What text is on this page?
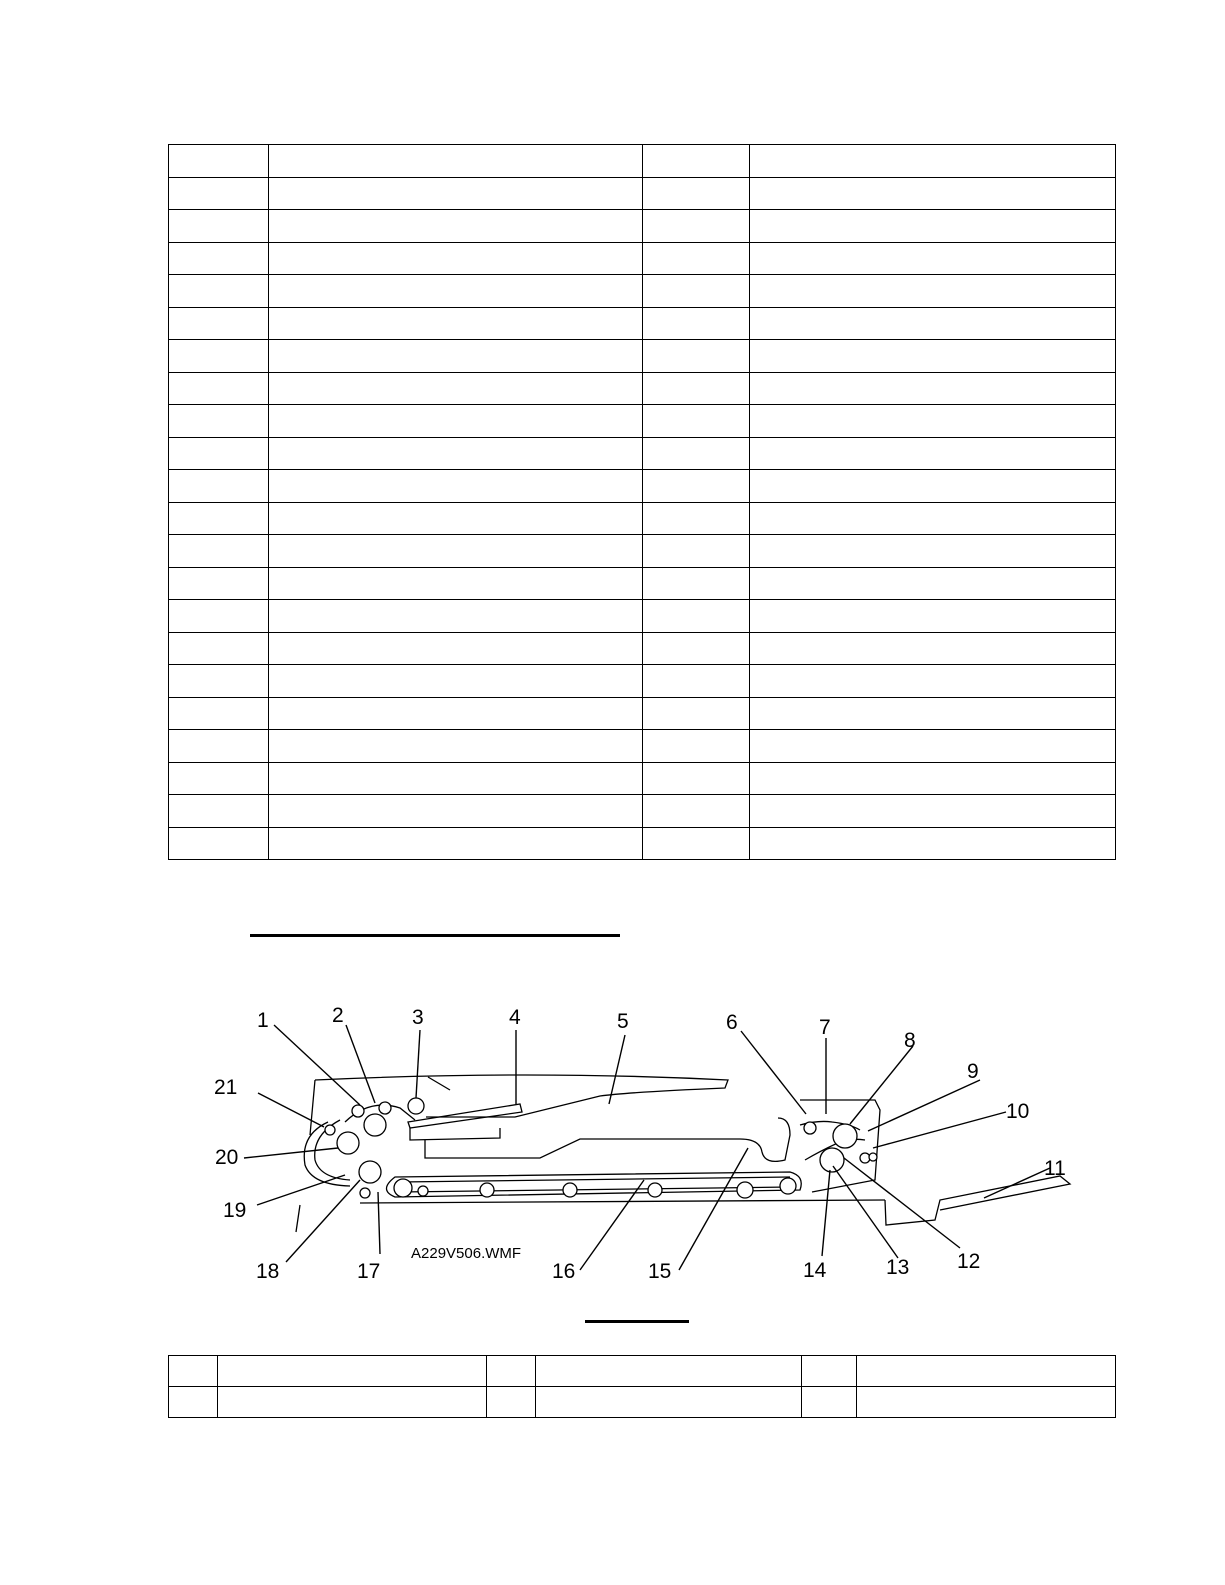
1	2	3	4	5	6	7
8
9
10
11
12
13
14
15
16
17
18
19
20
21
A229V506.WMF
